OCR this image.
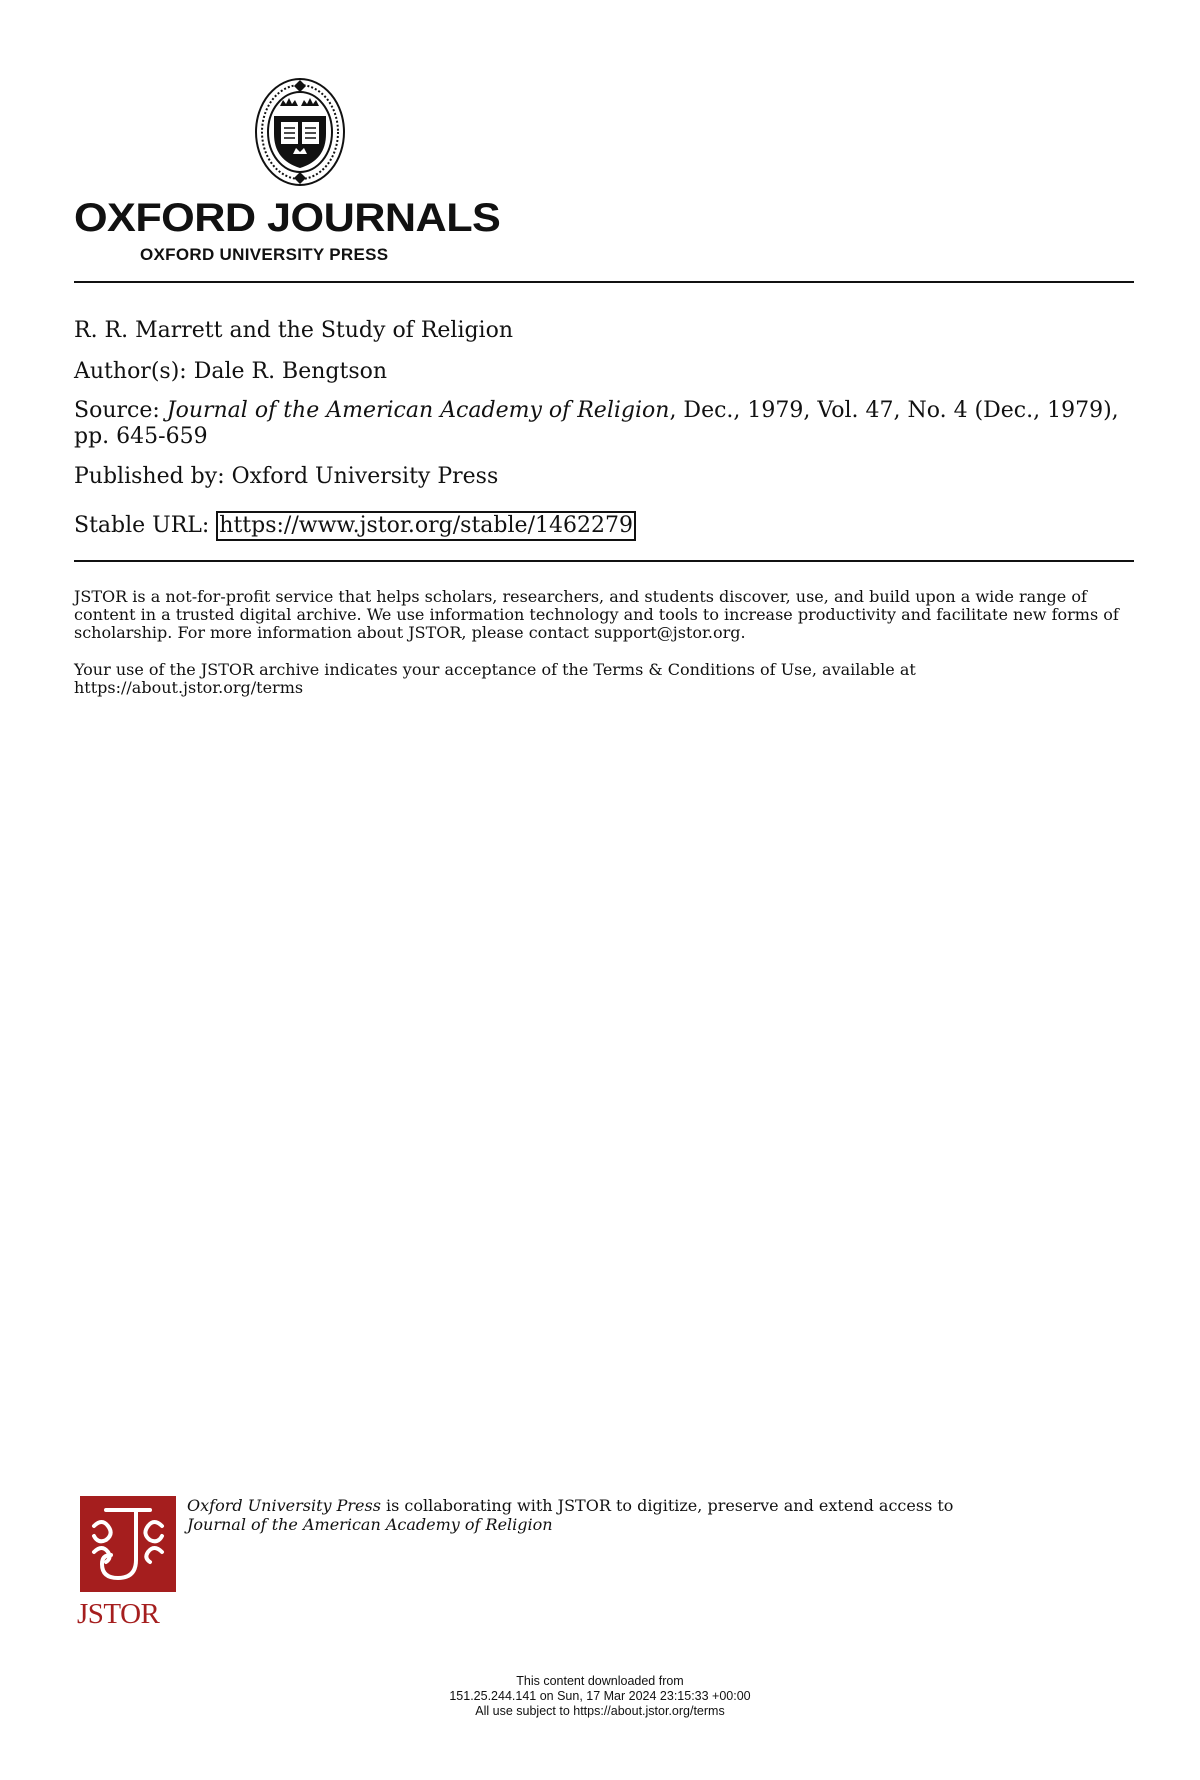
OXFORD JOURNALS
OXFORD UNIVERSITY PRESS
R. R. Marrett and the Study of Religion
Author(s): Dale R. Bengtson
Source: Journal of the American Academy of Religion, Dec., 1979, Vol. 47, No. 4 (Dec., 1979), pp. 645-659
Published by: Oxford University Press
Stable URL: https://www.jstor.org/stable/1462279
JSTOR is a not-for-profit service that helps scholars, researchers, and students discover, use, and build upon a wide range of content in a trusted digital archive. We use information technology and tools to increase productivity and facilitate new forms of scholarship. For more information about JSTOR, please contact support@jstor.org.
Your use of the JSTOR archive indicates your acceptance of the Terms & Conditions of Use, available at
https://about.jstor.org/terms
JSTOR
Oxford University Press is collaborating with JSTOR to digitize, preserve and extend access to
Journal of the American Academy of Religion
This content downloaded from
151.25.244.141 on Sun, 17 Mar 2024 23:15:33 +00:00
All use subject to https://about.jstor.org/terms
